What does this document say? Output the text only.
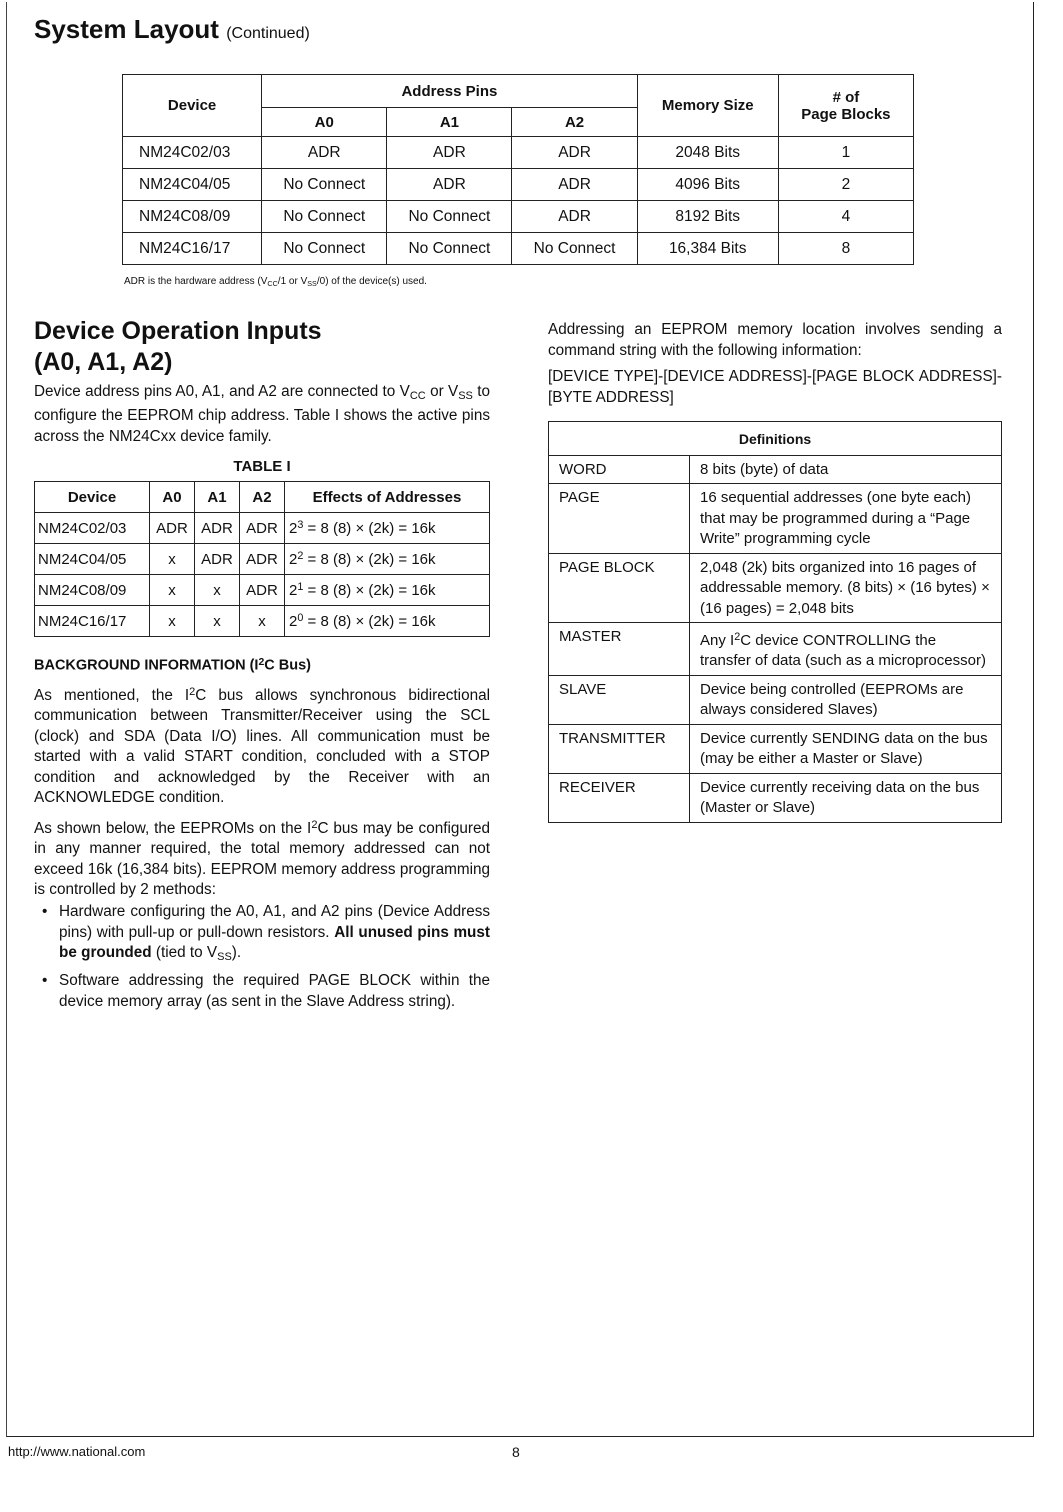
System Layout (Continued)
Device	Address Pins			Memory Size	# of
Page Blocks
	A0	A1	A2		
NM24C02/03	ADR	ADR	ADR	2048 Bits	1
NM24C04/05	No Connect	ADR	ADR	4096 Bits	2
NM24C08/09	No Connect	No Connect	ADR	8192 Bits	4
NM24C16/17	No Connect	No Connect	No Connect	16,384 Bits	8
ADR is the hardware address ($V_{CC}/1$ or $V_{SS}/0$) of the device(s) used.
Device Operation Inputs
(A0, A1, A2)
Device address pins A0, A1, and A2 are connected to $V_{CC}$ or $V_{SS}$ to configure the EEPROM chip address. Table I shows the active pins across the NM24Cxx device family.
TABLE I
Device	A0	A1	A2	Effects of Addresses
NM24C02/03	ADR	ADR	ADR	$2^3 = 8$ (8) × (2k) = 16k
NM24C04/05	x	ADR	ADR	$2^2 = 8$ (8) × (2k) = 16k
NM24C08/09	x	x	ADR	$2^1 = 8$ (8) × (2k) = 16k
NM24C16/17	x	x	x	$2^0 = 8$ (8) × (2k) = 16k
BACKGROUND INFORMATION ($I^2C$ Bus)
As mentioned, the $I^2C$ bus allows synchronous bidirectional communication between Transmitter/Receiver using the SCL (clock) and SDA (Data I/O) lines. All communication must be started with a valid START condition, concluded with a STOP condition and acknowledged by the Receiver with an ACKNOWLEDGE condition.
As shown below, the EEPROMs on the $I^2C$ bus may be configured in any manner required, the total memory addressed can not exceed 16k (16,384 bits). EEPROM memory address programming is controlled by 2 methods:
• Hardware configuring the A0, A1, and A2 pins (Device Address pins) with pull-up or pull-down resistors. All unused pins must be grounded (tied to $V_{SS}$).
• Software addressing the required PAGE BLOCK within the device memory array (as sent in the Slave Address string).
Addressing an EEPROM memory location involves sending a command string with the following information:
[DEVICE TYPE]-[DEVICE ADDRESS]-[PAGE BLOCK ADDRESS]-[BYTE ADDRESS]
Definitions	
WORD	8 bits (byte) of data
PAGE	16 sequential addresses (one byte each) that may be programmed during a “Page Write” programming cycle
PAGE BLOCK	2,048 (2k) bits organized into 16 pages of addressable memory. (8 bits) × (16 bytes) × (16 pages) = 2,048 bits
MASTER	Any $I^2C$ device CONTROLLING the transfer of data (such as a microprocessor)
SLAVE	Device being controlled (EEPROMs are always considered Slaves)
TRANSMITTER	Device currently SENDING data on the bus (may be either a Master or Slave)
RECEIVER	Device currently receiving data on the bus (Master or Slave)
http://www.national.com	8
